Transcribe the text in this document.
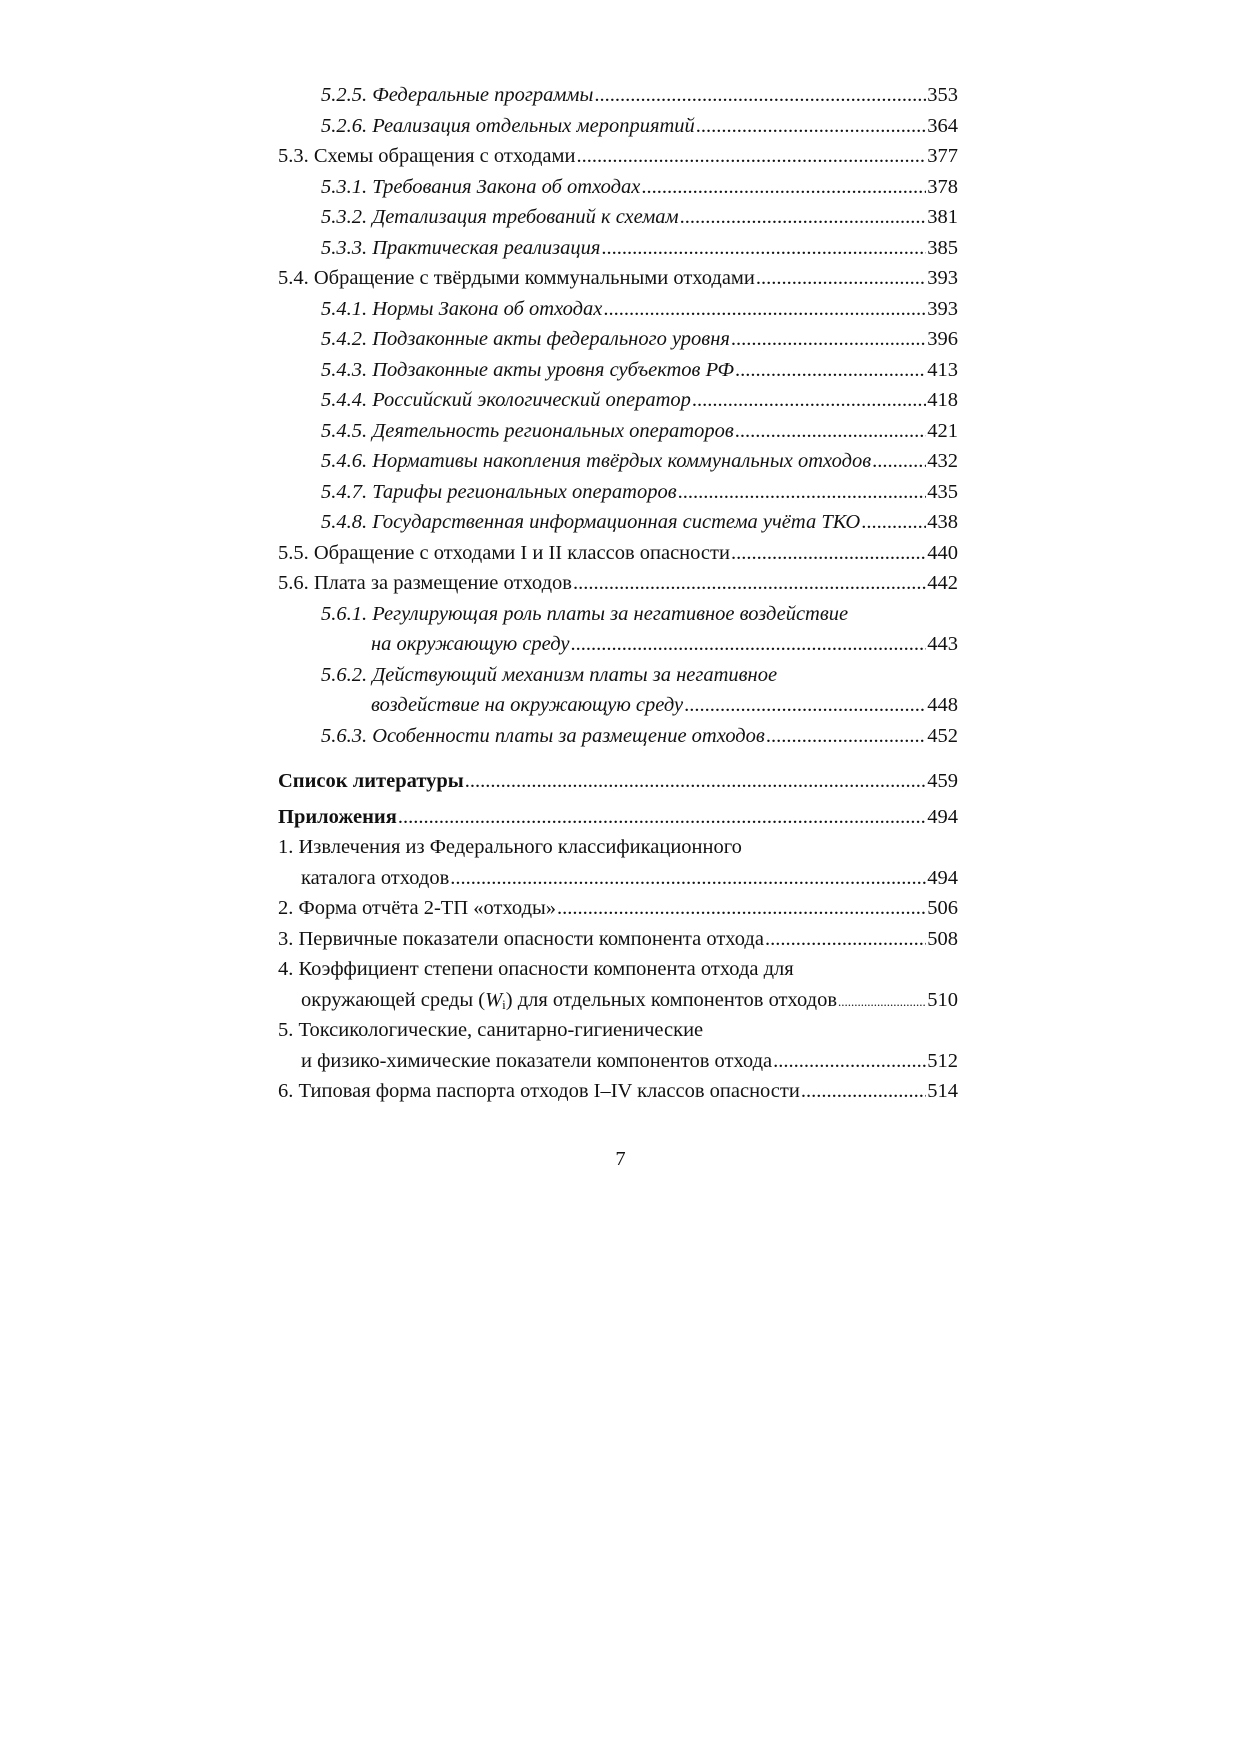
5.2.5. Федеральные программы .....	353
5.2.6. Реализация отдельных мероприятий .....	364
5.3. Схемы обращения с отходами .....	377
5.3.1. Требования Закона об отходах .....	378
5.3.2. Детализация требований к схемам .....	381
5.3.3. Практическая реализация .....	385
5.4. Обращение с твёрдыми коммунальными отходами .....	393
5.4.1. Нормы Закона об отходах .....	393
5.4.2. Подзаконные акты федерального уровня .....	396
5.4.3. Подзаконные акты уровня субъектов РФ .....	413
5.4.4. Российский экологический оператор .....	418
5.4.5. Деятельность региональных операторов .....	421
5.4.6. Нормативы накопления твёрдых коммунальных отходов .....	432
5.4.7. Тарифы региональных операторов .....	435
5.4.8. Государственная информационная система учёта ТКО .....	438
5.5. Обращение с отходами I и II классов опасности .....	440
5.6. Плата за размещение отходов .....	442
5.6.1. Регулирующая роль платы за негативное воздействие
на окружающую среду .....	443
5.6.2. Действующий механизм платы за негативное
воздействие на окружающую среду .....	448
5.6.3. Особенности платы за размещение отходов .....	452
Список литературы .....	459
Приложения .....	494
1. Извлечения из Федерального классификационного
каталога отходов .....	494
2. Форма отчёта 2-ТП «отходы» .....	506
3. Первичные показатели опасности компонента отхода .....	508
4. Коэффициент степени опасности компонента отхода для
окружающей среды $(W_i)$ для отдельных компонентов отходов .....	510
5. Токсикологические, санитарно-гигиенические
и физико-химические показатели компонентов отхода .....	512
6. Типовая форма паспорта отходов I–IV классов опасности .....	514
7
